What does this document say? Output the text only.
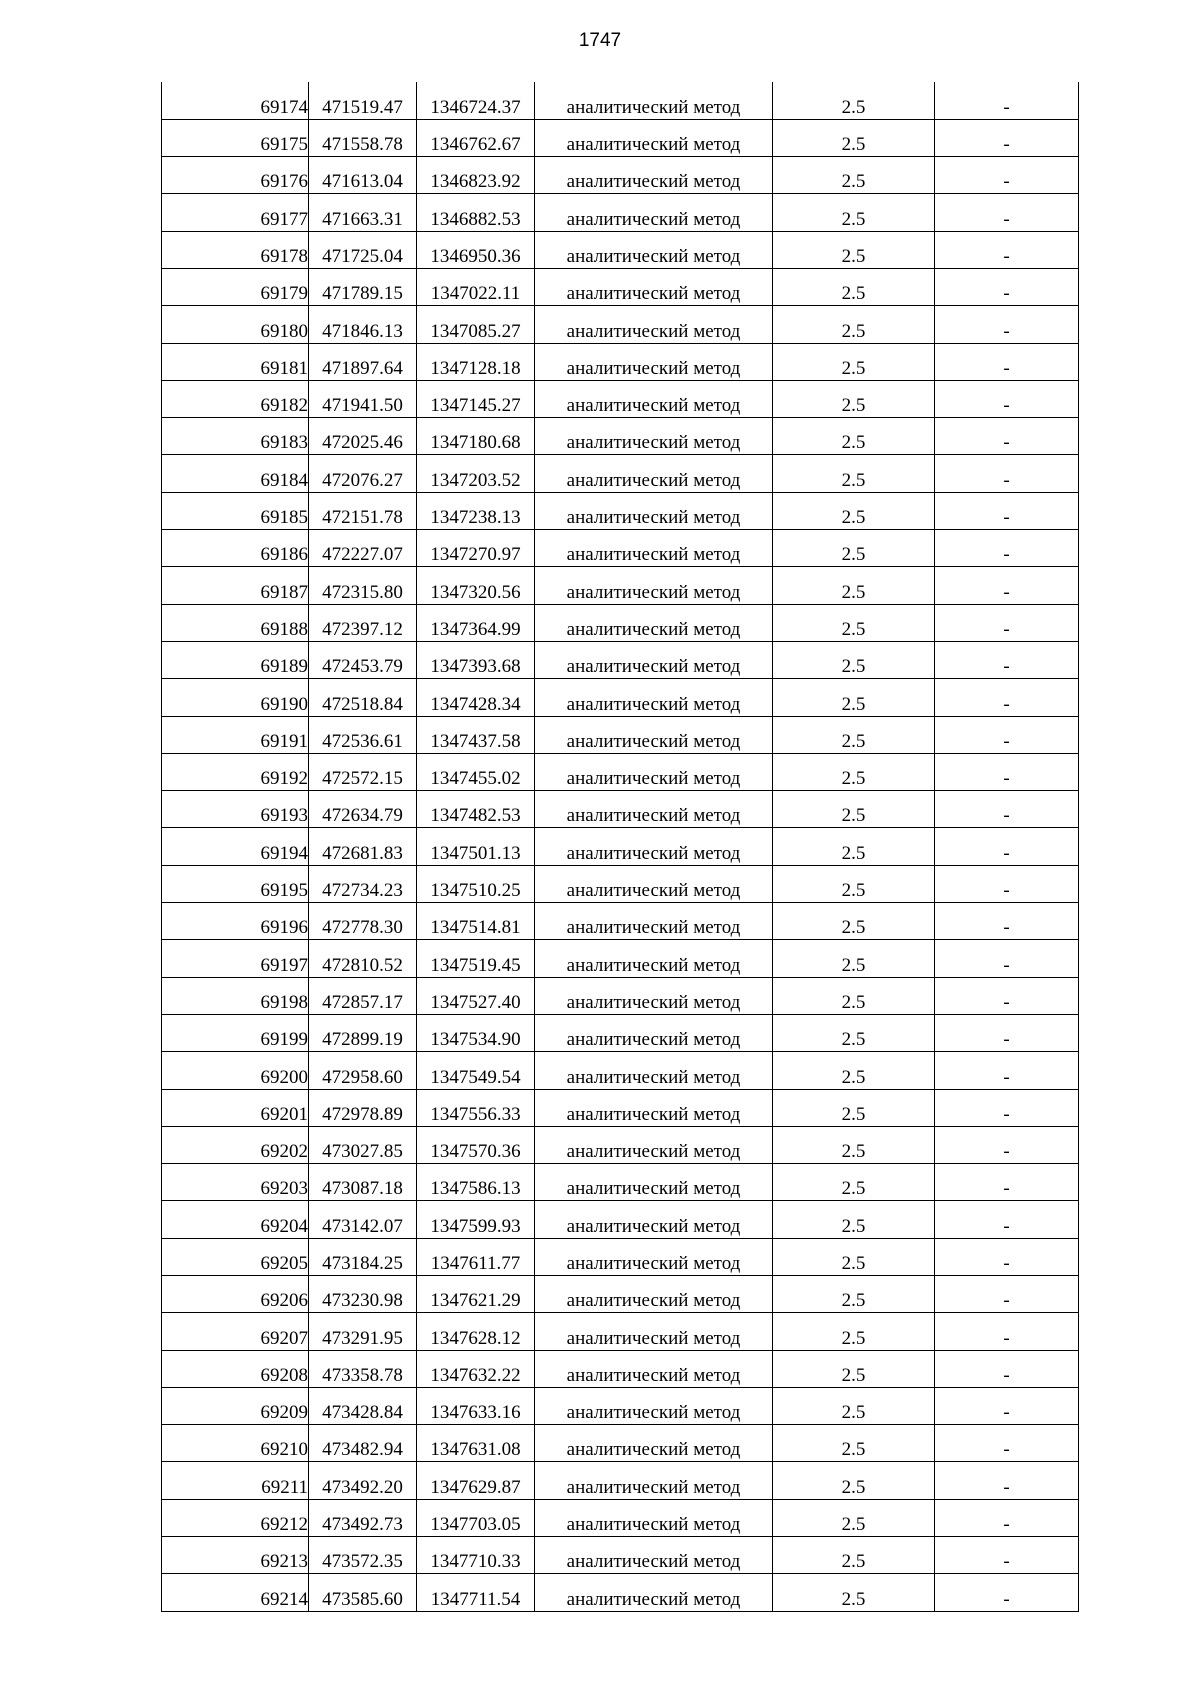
1747
69174	471519.47	1346724.37	аналитический метод	2.5	-
69175	471558.78	1346762.67	аналитический метод	2.5	-
69176	471613.04	1346823.92	аналитический метод	2.5	-
69177	471663.31	1346882.53	аналитический метод	2.5	-
69178	471725.04	1346950.36	аналитический метод	2.5	-
69179	471789.15	1347022.11	аналитический метод	2.5	-
69180	471846.13	1347085.27	аналитический метод	2.5	-
69181	471897.64	1347128.18	аналитический метод	2.5	-
69182	471941.50	1347145.27	аналитический метод	2.5	-
69183	472025.46	1347180.68	аналитический метод	2.5	-
69184	472076.27	1347203.52	аналитический метод	2.5	-
69185	472151.78	1347238.13	аналитический метод	2.5	-
69186	472227.07	1347270.97	аналитический метод	2.5	-
69187	472315.80	1347320.56	аналитический метод	2.5	-
69188	472397.12	1347364.99	аналитический метод	2.5	-
69189	472453.79	1347393.68	аналитический метод	2.5	-
69190	472518.84	1347428.34	аналитический метод	2.5	-
69191	472536.61	1347437.58	аналитический метод	2.5	-
69192	472572.15	1347455.02	аналитический метод	2.5	-
69193	472634.79	1347482.53	аналитический метод	2.5	-
69194	472681.83	1347501.13	аналитический метод	2.5	-
69195	472734.23	1347510.25	аналитический метод	2.5	-
69196	472778.30	1347514.81	аналитический метод	2.5	-
69197	472810.52	1347519.45	аналитический метод	2.5	-
69198	472857.17	1347527.40	аналитический метод	2.5	-
69199	472899.19	1347534.90	аналитический метод	2.5	-
69200	472958.60	1347549.54	аналитический метод	2.5	-
69201	472978.89	1347556.33	аналитический метод	2.5	-
69202	473027.85	1347570.36	аналитический метод	2.5	-
69203	473087.18	1347586.13	аналитический метод	2.5	-
69204	473142.07	1347599.93	аналитический метод	2.5	-
69205	473184.25	1347611.77	аналитический метод	2.5	-
69206	473230.98	1347621.29	аналитический метод	2.5	-
69207	473291.95	1347628.12	аналитический метод	2.5	-
69208	473358.78	1347632.22	аналитический метод	2.5	-
69209	473428.84	1347633.16	аналитический метод	2.5	-
69210	473482.94	1347631.08	аналитический метод	2.5	-
69211	473492.20	1347629.87	аналитический метод	2.5	-
69212	473492.73	1347703.05	аналитический метод	2.5	-
69213	473572.35	1347710.33	аналитический метод	2.5	-
69214	473585.60	1347711.54	аналитический метод	2.5	-
